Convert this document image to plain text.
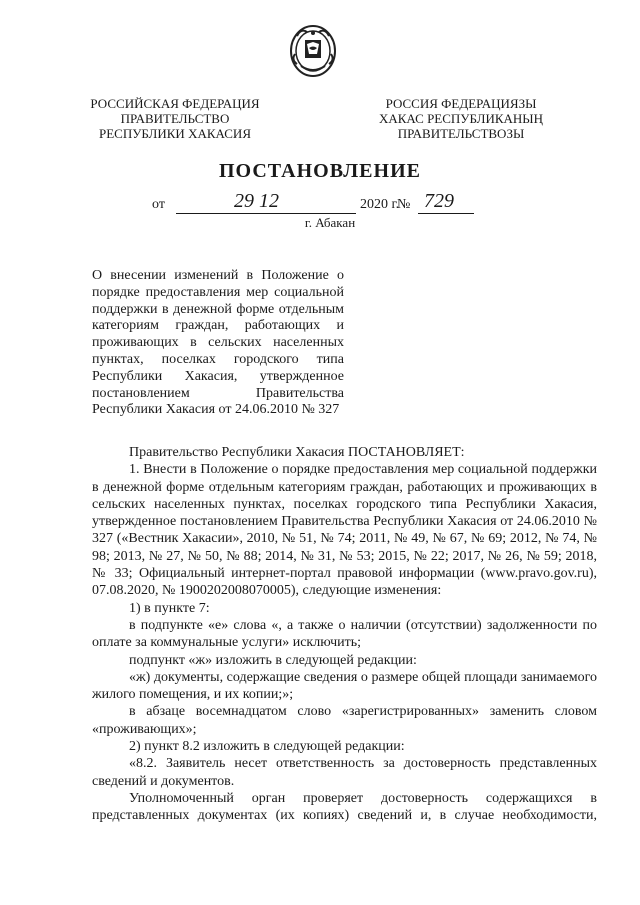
РОССИЙСКАЯ ФЕДЕРАЦИЯ
ПРАВИТЕЛЬСТВО
РЕСПУБЛИКИ ХАКАСИЯ
РОССИЯ ФЕДЕРАЦИЯЗЫ
ХАКАС РЕСПУБЛИКАНЫҢ
ПРАВИТЕЛЬСТВОЗЫ
ПОСТАНОВЛЕНИЕ
от	29 12	2020 г.
№ 729
г. Абакан
О внесении изменений в Положение о
порядке предоставления мер социальной
поддержки в денежной форме отдельным
категориям граждан, работающих и
проживающих в сельских населенных
пунктах, поселках городского типа
Республики Хакасия, утвержденное
постановлением Правительства
Республики Хакасия от 24.06.2010 № 327

Правительство Республики Хакасия ПОСТАНОВЛЯЕТ:

1. Внести в Положение о порядке предоставления мер социальной поддержки в денежной форме отдельным категориям граждан, работающих и проживающих в сельских населенных пунктах, поселках городского типа Республики Хакасия, утвержденное постановлением Правительства Республики Хакасия от 24.06.2010 № 327 («Вестник Хакасии», 2010, № 51, № 74; 2011, № 49, № 67, № 69; 2012, № 74, № 98; 2013, № 27, № 50, № 88; 2014, № 31, № 53; 2015, № 22; 2017, № 26, № 59; 2018, № 33; Официальный интернет-портал правовой информации (www.pravo.gov.ru), 07.08.2020, № 1900202008070005), следующие изменения:

1) в пункте 7:

в подпункте «е» слова «, а также о наличии (отсутствии) задолженности по оплате за коммунальные услуги» исключить;

подпункт «ж» изложить в следующей редакции:

«ж) документы, содержащие сведения о размере общей площади занимаемого жилого помещения, и их копии;»;

в абзаце восемнадцатом слово «зарегистрированных» заменить словом «проживающих»;

2) пункт 8.2 изложить в следующей редакции:

«8.2. Заявитель несет ответственность за достоверность представленных сведений и документов.

Уполномоченный орган проверяет достоверность содержащихся в представленных документах (их копиях) сведений и, в случае необходимости,
